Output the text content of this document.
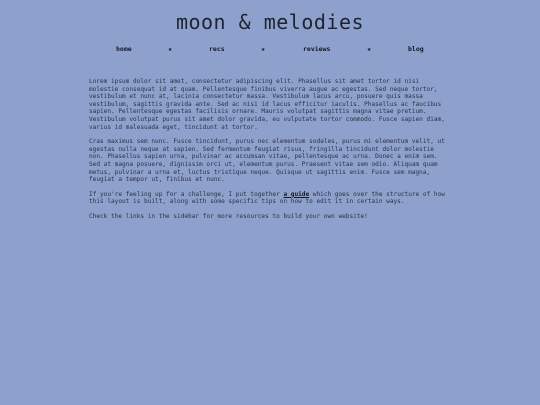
moon & melodies
home	★	recs	★	reviews	★	blog

Lorem ipsum dolor sit amet, consectetur adipiscing elit. Phasellus sit amet tortor id nisi molestie consequat id at quam. Pellentesque finibus viverra augue ac egestas. Sed neque tortor, vestibulum et nunc at, lacinia consectetur massa. Vestibulum lacus arcu, posuere quis massa vestibulum, sagittis gravida ante. Sed ac nisi id lacus efficitur iaculis. Phasellus ac faucibus sapien. Pellentesque egestas facilisis ornare. Mauris volutpat sagittis magna vitae pretium. Vestibulum volutpat purus sit amet dolor gravida, eu vulputate tortor commodo. Fusce sapien diam, varius id malesuada eget, tincidunt at tortor.

Cras maximus sem nunc. Fusce tincidunt, purus nec elementum sodales, purus mi elementum velit, ut egestas nulla neque at sapien. Sed fermentum feugiat risus, fringilla tincidunt dolor molestie non. Phasellus sapien urna, pulvinar ac accumsan vitae, pellentesque ac urna. Donec a enim sem. Sed at magna posuere, dignissim orci ut, elementum purus. Praesent vitae sem odio. Aliquam quam metus, pulvinar a urna et, luctus tristique neque. Quisque ut sagittis enim. Fusce sem magna, feugiat a tempor ut, finibus et nunc.

If you're feeling up for a challenge, I put together a guide which goes over the structure of how this layout is built, along with some specific tips on how to edit it in certain ways.

Check the links in the sidebar for more resources to build your own website!
